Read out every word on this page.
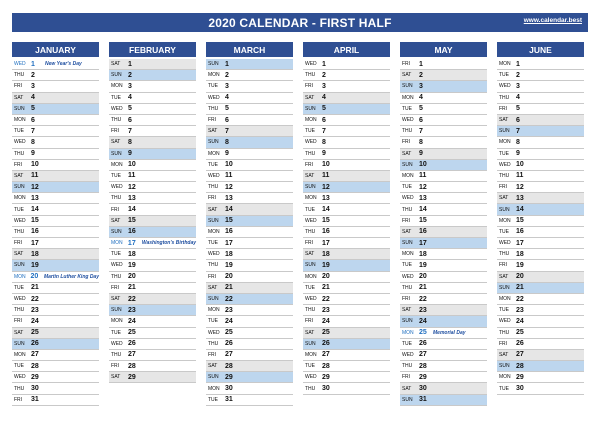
2020 CALENDAR - FIRST HALF	www.calendar.best
JANUARY
WED 1	New Year's Day
THU 2
FRI	3
SAT	4
SUN 5
MON 6
TUE	7
WED 8
THU 9
FRI	10
SAT	11
SUN 12
MON 13
TUE	14
WED 15
THU 16
FRI	17
SAT	18
SUN 19
MON 20	Martin Luther King Day
TUE	21
WED 22
THU 23
FRI	24
SAT	25
SUN 26
MON 27
TUE	28
WED 29
THU 30
FRI	31
FEBRUARY
SAT	1
SUN 2
MON 3
TUE	4
WED 5
THU 6
FRI	7
SAT	8
SUN 9
MON 10
TUE	11
WED 12
THU 13
FRI	14
SAT	15
SUN 16
MON 17	Washington's Birthday
TUE	18
WED 19
THU 20
FRI	21
SAT	22
SUN 23
MON 24
TUE	25
WED 26
THU 27
FRI	28
SAT	29
MARCH
SUN 1
MON 2
TUE	3
WED 4
THU 5
FRI	6
SAT	7
SUN 8
MON 9
TUE	10
WED 11
THU 12
FRI	13
SAT	14
SUN 15
MON 16
TUE	17
WED 18
THU 19
FRI	20
SAT	21
SUN 22
MON 23
TUE	24
WED 25
THU 26
FRI	27
SAT	28
SUN 29
MON 30
TUE	31
APRIL
WED 1
THU 2
FRI	3
SAT	4
SUN 5
MON 6
TUE	7
WED 8
THU 9
FRI	10
SAT	11
SUN 12
MON 13
TUE	14
WED 15
THU 16
FRI	17
SAT	18
SUN 19
MON 20
TUE	21
WED 22
THU 23
FRI	24
SAT	25
SUN 26
MON 27
TUE	28
WED 29
THU 30
MAY
FRI	1
SAT	2
SUN 3
MON 4
TUE	5
WED 6
THU 7
FRI	8
SAT	9
SUN 10
MON 11
TUE	12
WED 13
THU 14
FRI	15
SAT	16
SUN 17
MON 18
TUE	19
WED 20
THU 21
FRI	22
SAT	23
SUN 24
MON 25	Memorial Day
TUE	26
WED 27
THU 28
FRI	29
SAT	30
SUN 31
JUNE
MON 1
TUE	2
WED 3
THU 4
FRI	5
SAT	6
SUN 7
MON 8
TUE	9
WED 10
THU 11
FRI	12
SAT	13
SUN 14
MON 15
TUE	16
WED 17
THU 18
FRI	19
SAT	20
SUN 21
MON 22
TUE	23
WED 24
THU 25
FRI	26
SAT	27
SUN 28
MON 29
TUE	30
